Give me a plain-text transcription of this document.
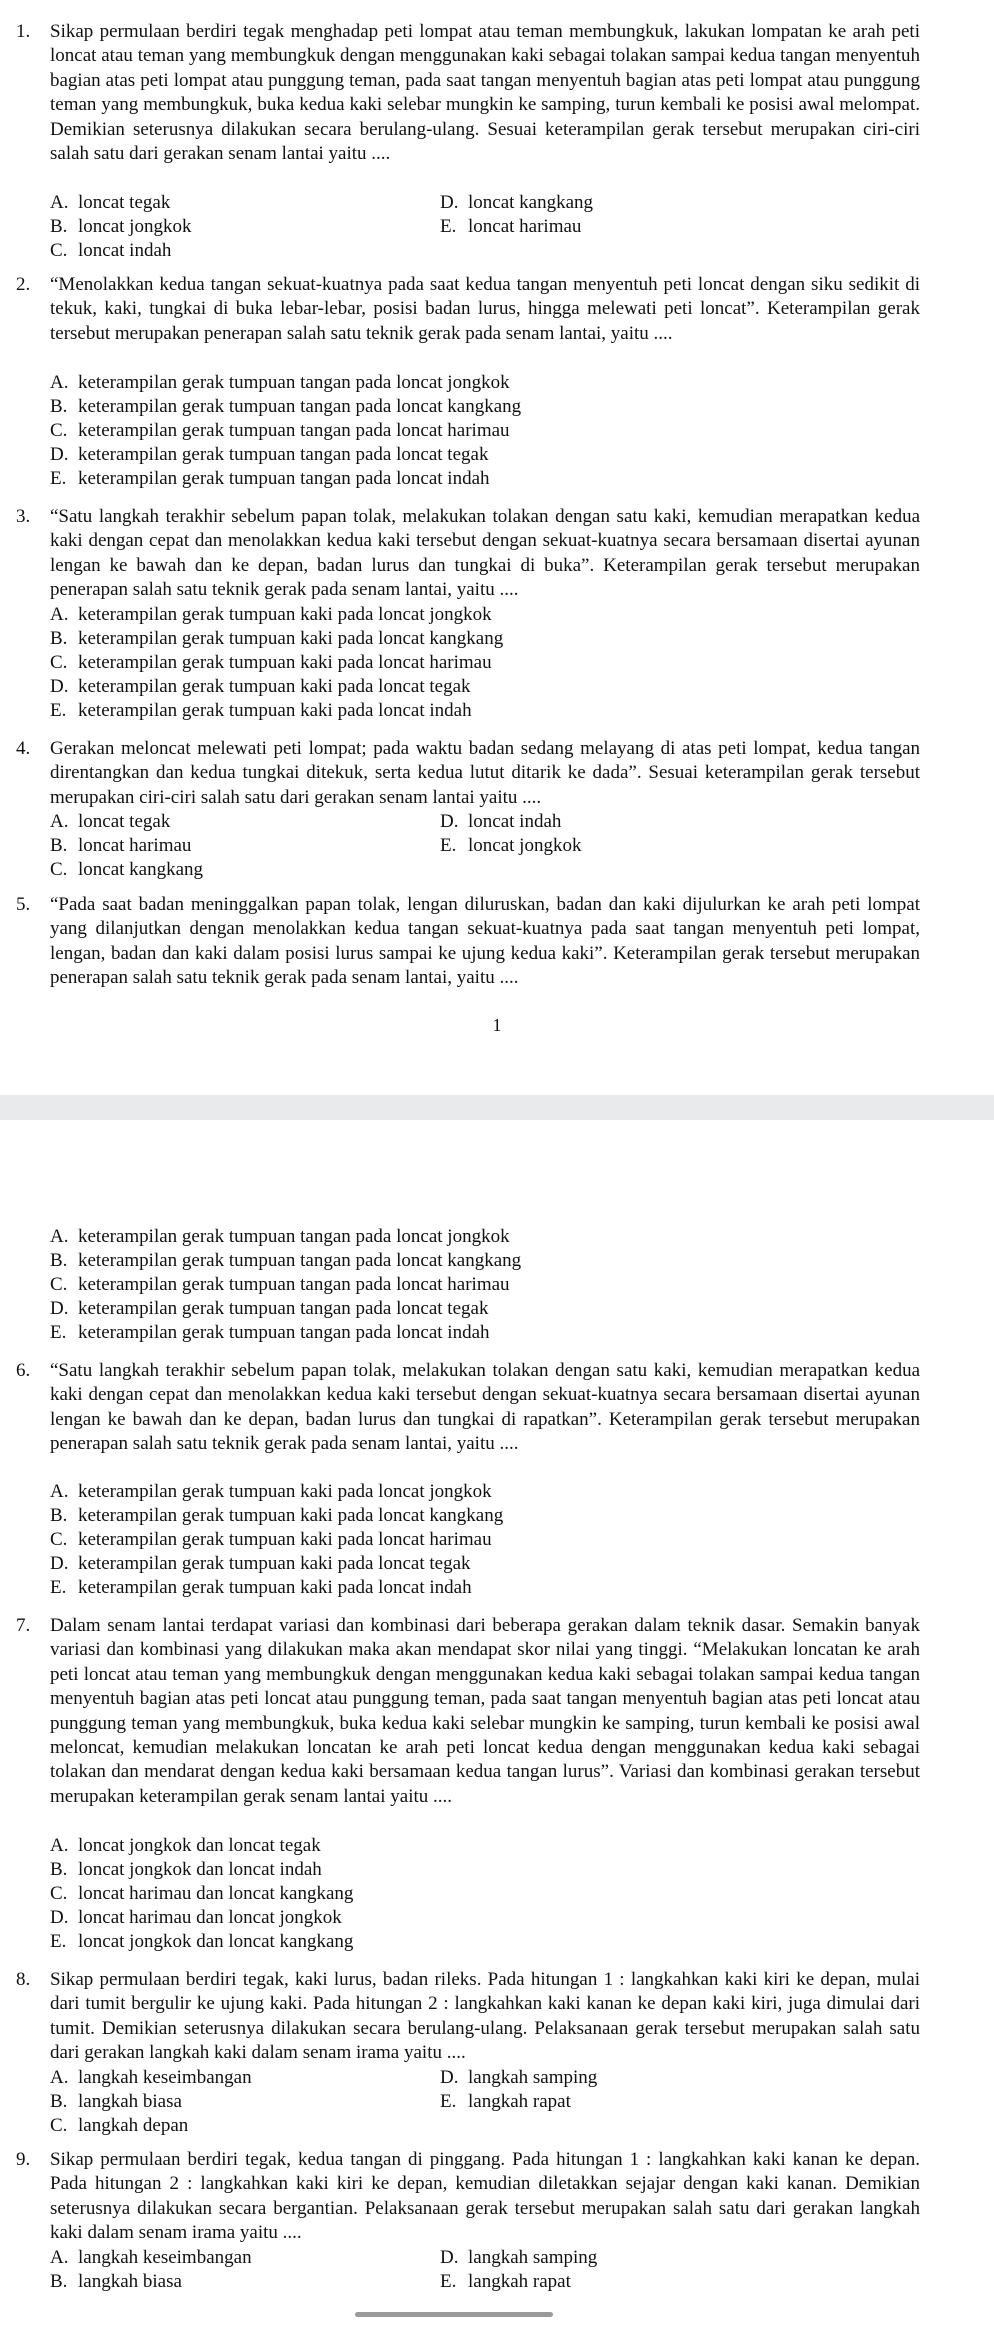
1. Sikap permulaan berdiri tegak menghadap peti lompat atau teman membungkuk, lakukan lompatan ke arah peti loncat atau teman yang membungkuk dengan menggunakan kaki sebagai tolakan sampai kedua tangan menyentuh bagian atas peti lompat atau punggung teman, pada saat tangan menyentuh bagian atas peti lompat atau punggung teman yang membungkuk, buka kedua kaki selebar mungkin ke samping, turun kembali ke posisi awal melompat. Demikian seterusnya dilakukan secara berulang-ulang. Sesuai keterampilan gerak tersebut merupakan ciri-ciri salah satu dari gerakan senam lantai yaitu ....

A. loncat tegak
B. loncat jongkok
C. loncat indah
D. loncat kangkang
E. loncat harimau
2. “Menolakkan kedua tangan sekuat-kuatnya pada saat kedua tangan menyentuh peti loncat dengan siku sedikit di tekuk, kaki, tungkai di buka lebar-lebar, posisi badan lurus, hingga melewati peti loncat”. Keterampilan gerak tersebut merupakan penerapan salah satu teknik gerak pada senam lantai, yaitu ....

A. keterampilan gerak tumpuan tangan pada loncat jongkok
B. keterampilan gerak tumpuan tangan pada loncat kangkang
C. keterampilan gerak tumpuan tangan pada loncat harimau
D. keterampilan gerak tumpuan tangan pada loncat tegak
E. keterampilan gerak tumpuan tangan pada loncat indah
3. “Satu langkah terakhir sebelum papan tolak, melakukan tolakan dengan satu kaki, kemudian merapatkan kedua kaki dengan cepat dan menolakkan kedua kaki tersebut dengan sekuat-kuatnya secara bersamaan disertai ayunan lengan ke bawah dan ke depan, badan lurus dan tungkai di buka”. Keterampilan gerak tersebut merupakan penerapan salah satu teknik gerak pada senam lantai, yaitu ....

A. keterampilan gerak tumpuan kaki pada loncat jongkok
B. keterampilan gerak tumpuan kaki pada loncat kangkang
C. keterampilan gerak tumpuan kaki pada loncat harimau
D. keterampilan gerak tumpuan kaki pada loncat tegak
E. keterampilan gerak tumpuan kaki pada loncat indah
4. Gerakan meloncat melewati peti lompat; pada waktu badan sedang melayang di atas peti lompat, kedua tangan direntangkan dan kedua tungkai ditekuk, serta kedua lutut ditarik ke dada”. Sesuai keterampilan gerak tersebut merupakan ciri-ciri salah satu dari gerakan senam lantai yaitu ....

A. loncat tegak
B. loncat harimau
C. loncat kangkang
D. loncat indah
E. loncat jongkok
5. “Pada saat badan meninggalkan papan tolak, lengan diluruskan, badan dan kaki dijulurkan ke arah peti lompat yang dilanjutkan dengan menolakkan kedua tangan sekuat-kuatnya pada saat tangan menyentuh peti lompat, lengan, badan dan kaki dalam posisi lurus sampai ke ujung kedua kaki”. Keterampilan gerak tersebut merupakan penerapan salah satu teknik gerak pada senam lantai, yaitu ....

1
A. keterampilan gerak tumpuan tangan pada loncat jongkok
B. keterampilan gerak tumpuan tangan pada loncat kangkang
C. keterampilan gerak tumpuan tangan pada loncat harimau
D. keterampilan gerak tumpuan tangan pada loncat tegak
E. keterampilan gerak tumpuan tangan pada loncat indah
6. “Satu langkah terakhir sebelum papan tolak, melakukan tolakan dengan satu kaki, kemudian merapatkan kedua kaki dengan cepat dan menolakkan kedua kaki tersebut dengan sekuat-kuatnya secara bersamaan disertai ayunan lengan ke bawah dan ke depan, badan lurus dan tungkai di rapatkan”. Keterampilan gerak tersebut merupakan penerapan salah satu teknik gerak pada senam lantai, yaitu ....

A. keterampilan gerak tumpuan kaki pada loncat jongkok
B. keterampilan gerak tumpuan kaki pada loncat kangkang
C. keterampilan gerak tumpuan kaki pada loncat harimau
D. keterampilan gerak tumpuan kaki pada loncat tegak
E. keterampilan gerak tumpuan kaki pada loncat indah
7. Dalam senam lantai terdapat variasi dan kombinasi dari beberapa gerakan dalam teknik dasar. Semakin banyak variasi dan kombinasi yang dilakukan maka akan mendapat skor nilai yang tinggi. “Melakukan loncatan ke arah peti loncat atau teman yang membungkuk dengan menggunakan kedua kaki sebagai tolakan sampai kedua tangan menyentuh bagian atas peti loncat atau punggung teman, pada saat tangan menyentuh bagian atas peti loncat atau punggung teman yang membungkuk, buka kedua kaki selebar mungkin ke samping, turun kembali ke posisi awal meloncat, kemudian melakukan loncatan ke arah peti loncat kedua dengan menggunakan kedua kaki sebagai tolakan dan mendarat dengan kedua kaki bersamaan kedua tangan lurus”. Variasi dan kombinasi gerakan tersebut merupakan keterampilan gerak senam lantai yaitu ....

A. loncat jongkok dan loncat tegak
B. loncat jongkok dan loncat indah
C. loncat harimau dan loncat kangkang
D. loncat harimau dan loncat jongkok
E. loncat jongkok dan loncat kangkang
8. Sikap permulaan berdiri tegak, kaki lurus, badan rileks. Pada hitungan 1 : langkahkan kaki kiri ke depan, mulai dari tumit bergulir ke ujung kaki. Pada hitungan 2 : langkahkan kaki kanan ke depan kaki kiri, juga dimulai dari tumit. Demikian seterusnya dilakukan secara berulang-ulang. Pelaksanaan gerak tersebut merupakan salah satu dari gerakan langkah kaki dalam senam irama yaitu ....

A. langkah keseimbangan
B. langkah biasa
C. langkah depan
D. langkah samping
E. langkah rapat
9. Sikap permulaan berdiri tegak, kedua tangan di pinggang. Pada hitungan 1 : langkahkan kaki kanan ke depan. Pada hitungan 2 : langkahkan kaki kiri ke depan, kemudian diletakkan sejajar dengan kaki kanan. Demikian seterusnya dilakukan secara bergantian. Pelaksanaan gerak tersebut merupakan salah satu dari gerakan langkah kaki dalam senam irama yaitu ....

A. langkah keseimbangan
B. langkah biasa
D. langkah samping
E. langkah rapat
